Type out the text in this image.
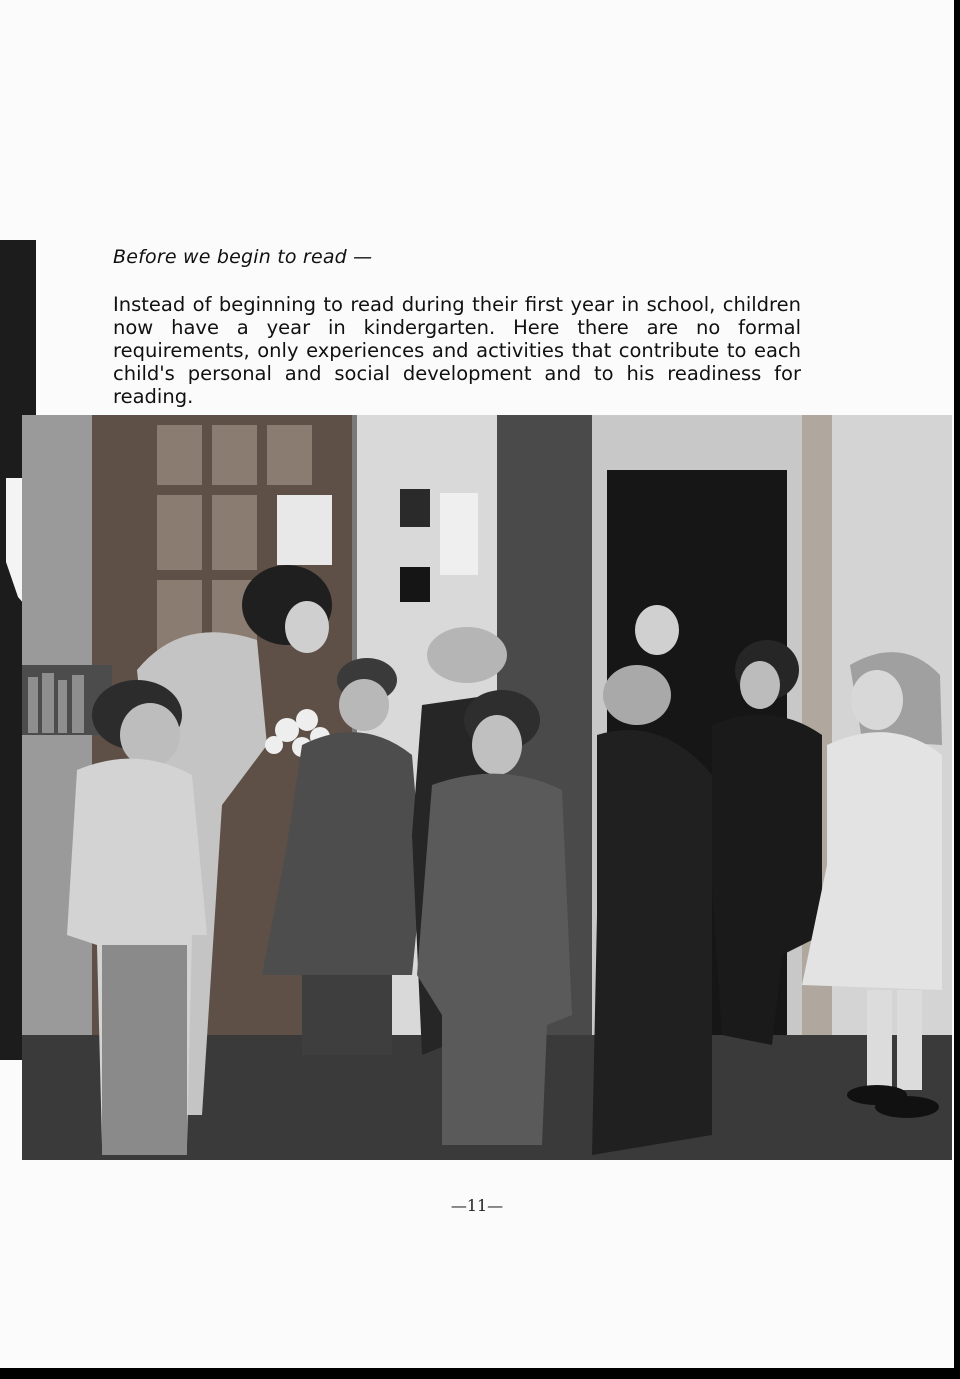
Before we begin to read —
Instead of beginning to read during their first year in school, children now have a year in kindergarten. Here there are no formal requirements, only experiences and activities that contribute to each child's personal and social development and to his readiness for reading.
—11—
